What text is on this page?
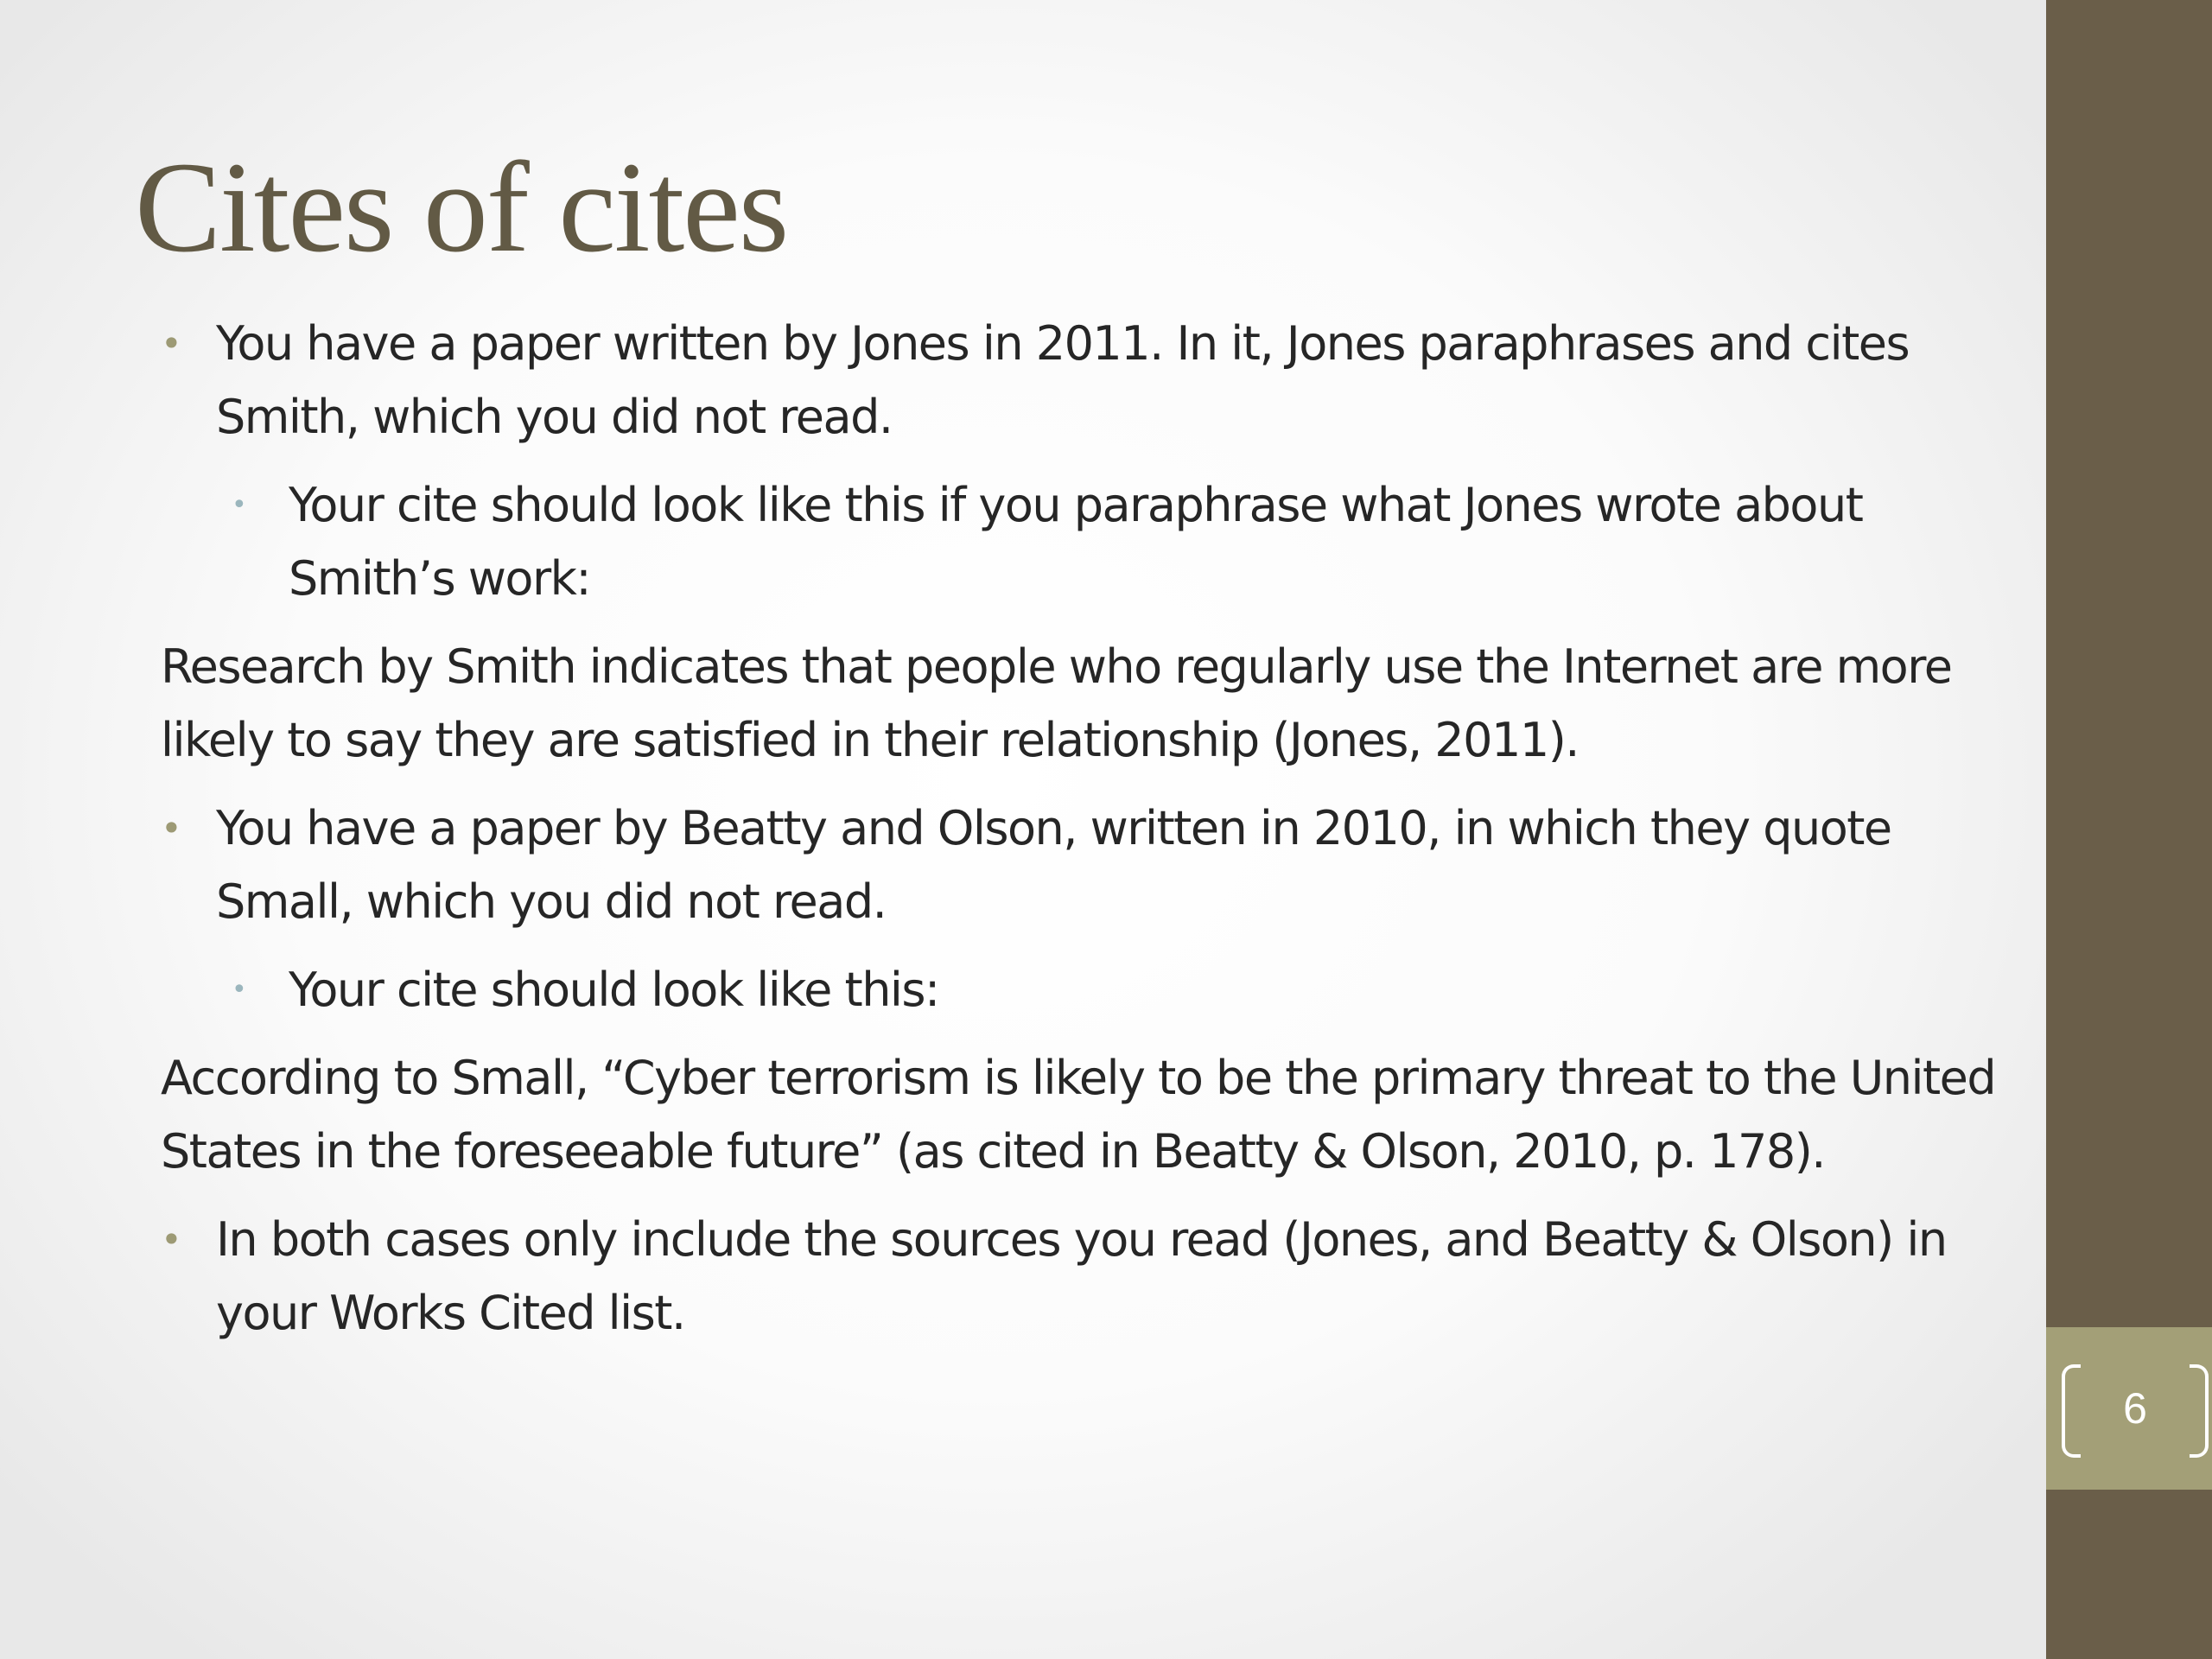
6
Cites of cites

• You have a paper written by Jones in 2011. In it, Jones paraphrases and cites Smith, which you did not read.

• Your cite should look like this if you paraphrase what Jones wrote about Smith’s work:

Research by Smith indicates that people who regularly use the Internet are more likely to say they are satisfied in their relationship (Jones, 2011).

• You have a paper by Beatty and Olson, written in 2010, in which they quote Small, which you did not read.

• Your cite should look like this:

According to Small, “Cyber terrorism is likely to be the primary threat to the United States in the foreseeable future” (as cited in Beatty & Olson, 2010, p. 178).

• In both cases only include the sources you read (Jones, and Beatty & Olson) in your Works Cited list.
